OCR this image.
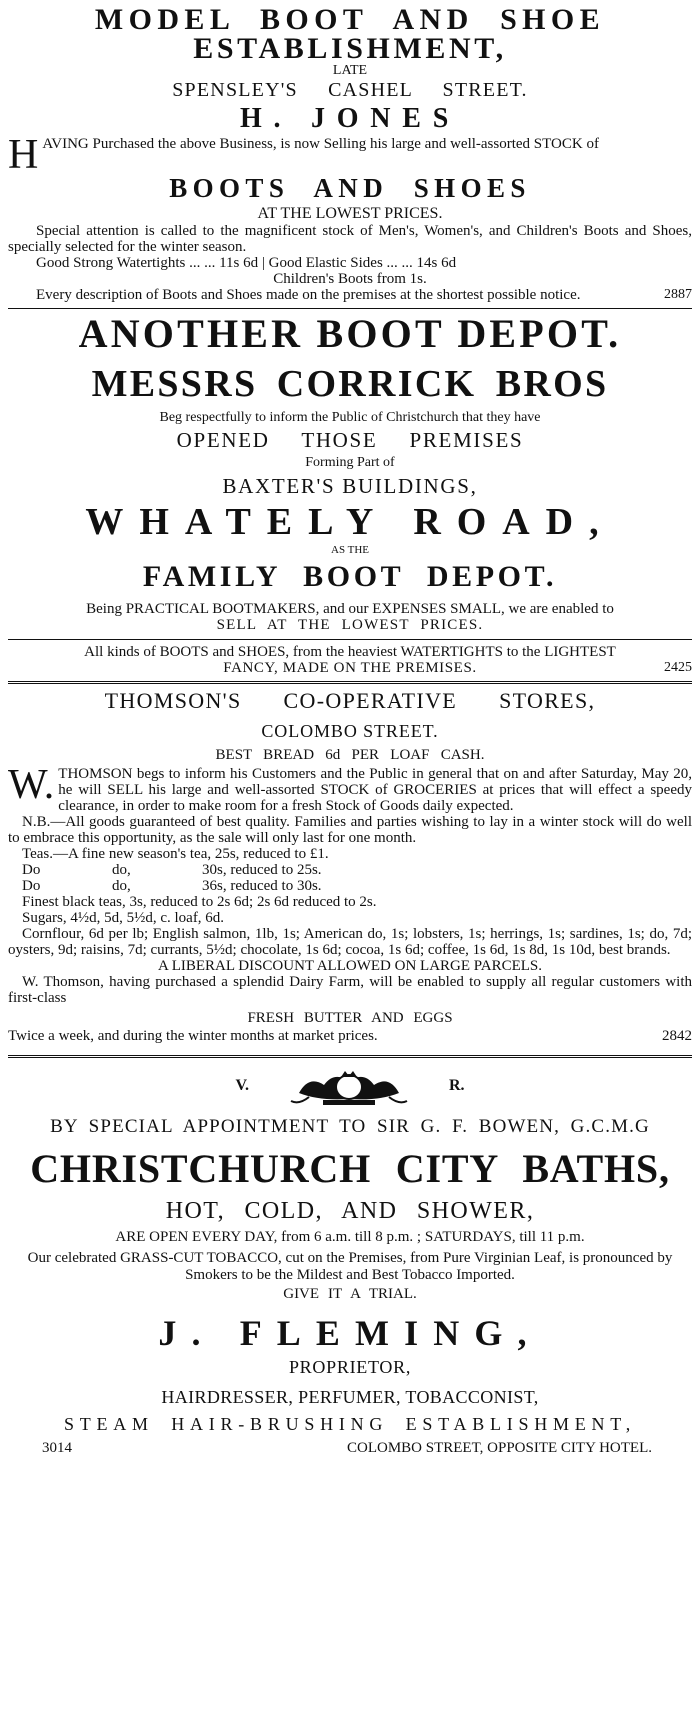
MODEL BOOT AND SHOE
ESTABLISHMENT,
LATE
SPENSLEY'S CASHEL STREET.
H. JONES
H AVING Purchased the above Business, is now Selling his large and well-assorted STOCK of
BOOTS AND SHOES
AT THE LOWEST PRICES.
Special attention is called to the magnificent stock of Men's, Women's, and Children's Boots and Shoes, specially selected for the winter season.
Good Strong Watertights ... ... 11s 6d | Good Elastic Sides ... ... 14s 6d
Children's Boots from 1s.
Every description of Boots and Shoes made on the premises at the shortest possible notice.	2887
ANOTHER BOOT DEPOT.
MESSRS CORRICK BROS
Beg respectfully to inform the Public of Christchurch that they have
OPENED THOSE PREMISES
Forming Part of
BAXTER'S BUILDINGS,
WHATELY ROAD,
AS THE
FAMILY BOOT DEPOT.
Being PRACTICAL BOOTMAKERS, and our EXPENSES SMALL, we are enabled to
SELL AT THE LOWEST PRICES.
All kinds of BOOTS and SHOES, from the heaviest WATERTIGHTS to the LIGHTEST
FANCY, MADE ON THE PREMISES.	2425
THOMSON'S CO-OPERATIVE STORES,
COLOMBO STREET.
BEST BREAD 6d PER LOAF CASH.
W. THOMSON begs to inform his Customers and the Public in general that on and after Saturday, May 20, he will SELL his large and well-assorted STOCK of GROCERIES at prices that will effect a speedy clearance, in order to make room for a fresh Stock of Goods daily expected.
N.B.—All goods guaranteed of best quality. Families and parties wishing to lay in a winter stock will do well to embrace this opportunity, as the sale will only last for one month.
Teas.—A fine new season's tea, 25s, reduced to £1.
Do	do,	30s, reduced to 25s.
Do	do,	36s, reduced to 30s.
Finest black teas, 3s, reduced to 2s 6d; 2s 6d reduced to 2s.
Sugars, 4½d, 5d, 5½d, c. loaf, 6d.
Cornflour, 6d per lb; English salmon, 1lb, 1s; American do, 1s; lobsters, 1s; herrings, 1s; sardines, 1s; do, 7d; oysters, 9d; raisins, 7d; currants, 5½d; chocolate, 1s 6d; cocoa, 1s 6d; coffee, 1s 6d, 1s 8d, 1s 10d, best brands.
A LIBERAL DISCOUNT ALLOWED ON LARGE PARCELS.
W. Thomson, having purchased a splendid Dairy Farm, will be enabled to supply all regular customers with first-class
FRESH BUTTER AND EGGS
Twice a week, and during the winter months at market prices.	2842
V.	R.
BY SPECIAL APPOINTMENT TO SIR G. F. BOWEN, G.C.M.G
CHRISTCHURCH CITY BATHS,
HOT, COLD, AND SHOWER,
ARE OPEN EVERY DAY, from 6 a.m. till 8 p.m. ; SATURDAYS, till 11 p.m.
Our celebrated GRASS-CUT TOBACCO, cut on the Premises, from Pure Virginian Leaf, is pronounced by Smokers to be the Mildest and Best Tobacco Imported.
GIVE IT A TRIAL.
J. FLEMING,
PROPRIETOR,
HAIRDRESSER, PERFUMER, TOBACCONIST,
STEAM HAIR-BRUSHING ESTABLISHMENT,
3014	COLOMBO STREET, OPPOSITE CITY HOTEL.
